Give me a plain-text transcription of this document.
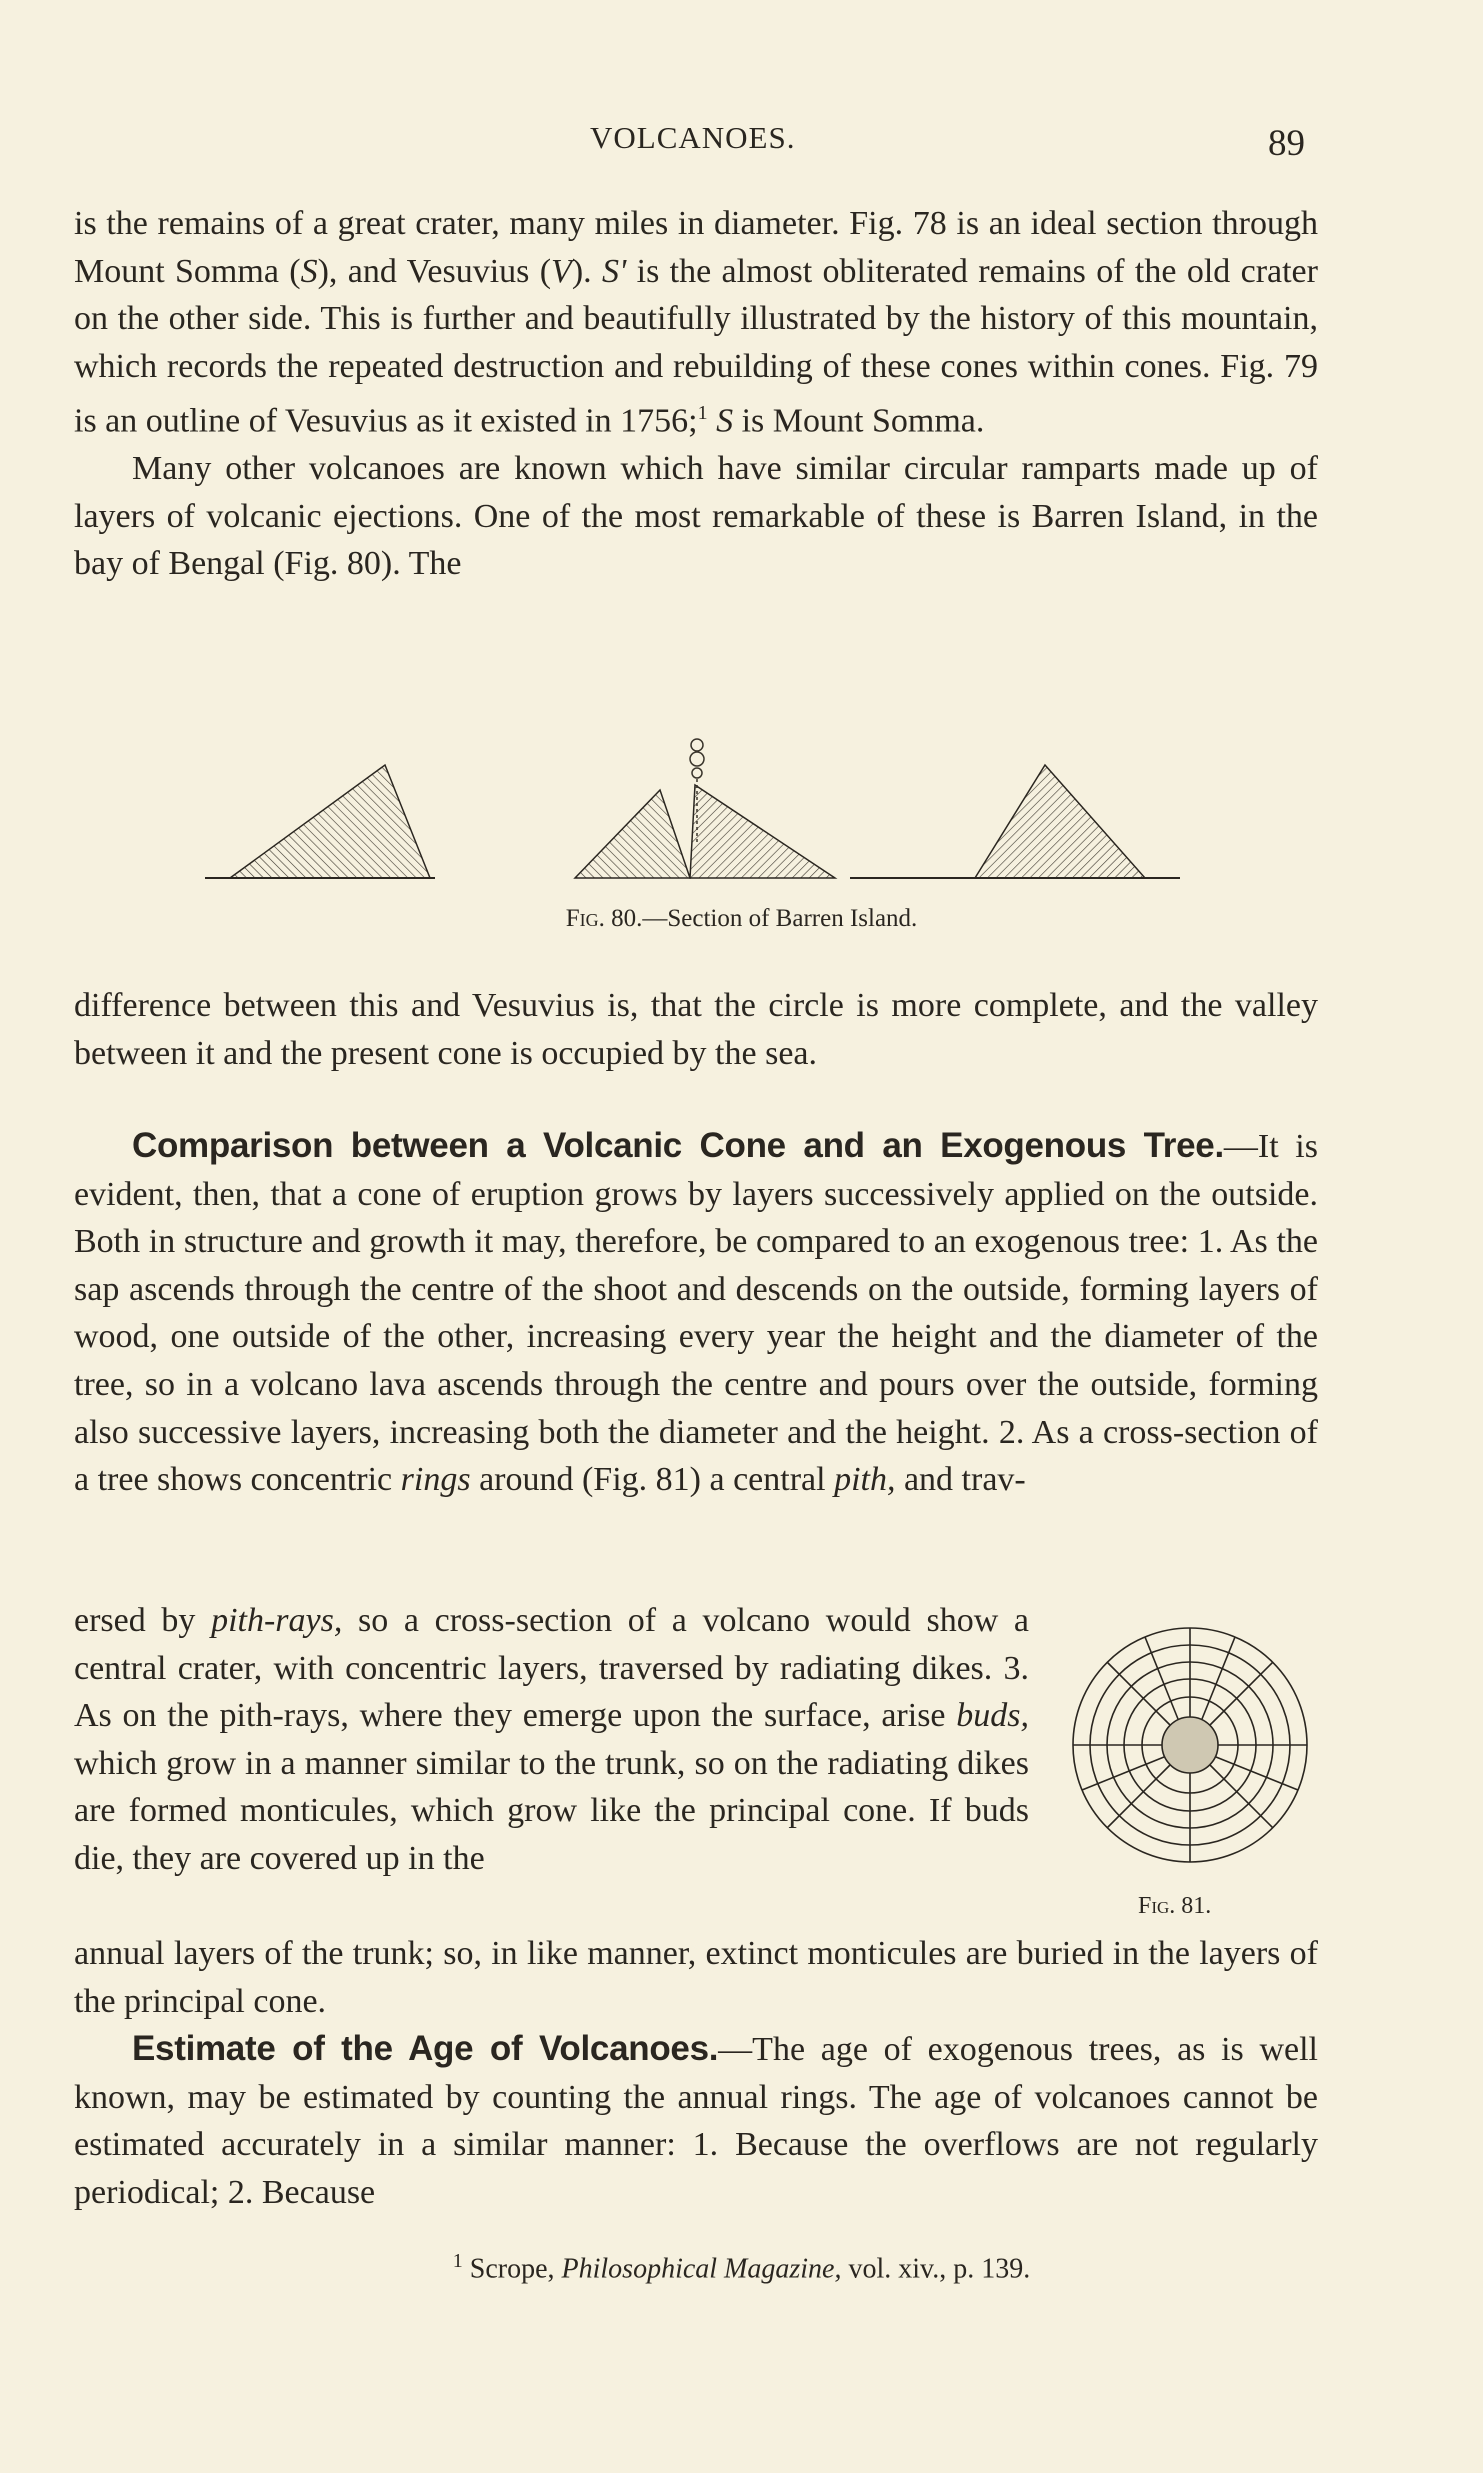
VOLCANOES.	89

is the remains of a great crater, many miles in diameter. Fig. 78 is an ideal section through Mount Somma (S), and Vesuvius (V). S' is the almost obliterated remains of the old crater on the other side. This is further and beautifully illustrated by the history of this mountain, which records the repeated destruction and rebuilding of these cones within cones. Fig. 79 is an outline of Vesuvius as it existed in 1756;$^1$ S is Mount Somma.

Many other volcanoes are known which have similar circular ramparts made up of layers of volcanic ejections. One of the most remarkable of these is Barren Island, in the bay of Bengal (Fig. 80). The

Fig. 80.—Section of Barren Island.

difference between this and Vesuvius is, that the circle is more complete, and the valley between it and the present cone is occupied by the sea.

Comparison between a Volcanic Cone and an Exogenous Tree.—It is evident, then, that a cone of eruption grows by layers successively applied on the outside. Both in structure and growth it may, therefore, be compared to an exogenous tree: 1. As the sap ascends through the centre of the shoot and descends on the outside, forming layers of wood, one outside of the other, increasing every year the height and the diameter of the tree, so in a volcano lava ascends through the centre and pours over the outside, forming also successive layers, increasing both the diameter and the height. 2. As a cross-section of a tree shows concentric rings around (Fig. 81) a central pith, and trav-

ersed by pith-rays, so a cross-section of a volcano would show a central crater, with concentric layers, traversed by radiating dikes. 3. As on the pith-rays, where they emerge upon the surface, arise buds, which grow in a manner similar to the trunk, so on the radiating dikes are formed monticules, which grow like the principal cone. If buds die, they are covered up in the

Fig. 81.

annual layers of the trunk; so, in like manner, extinct monticules are buried in the layers of the principal cone.

Estimate of the Age of Volcanoes.—The age of exogenous trees, as is well known, may be estimated by counting the annual rings. The age of volcanoes cannot be estimated accurately in a similar manner: 1. Because the overflows are not regularly periodical; 2. Because

$^1$ Scrope, Philosophical Magazine, vol. xiv., p. 139.
